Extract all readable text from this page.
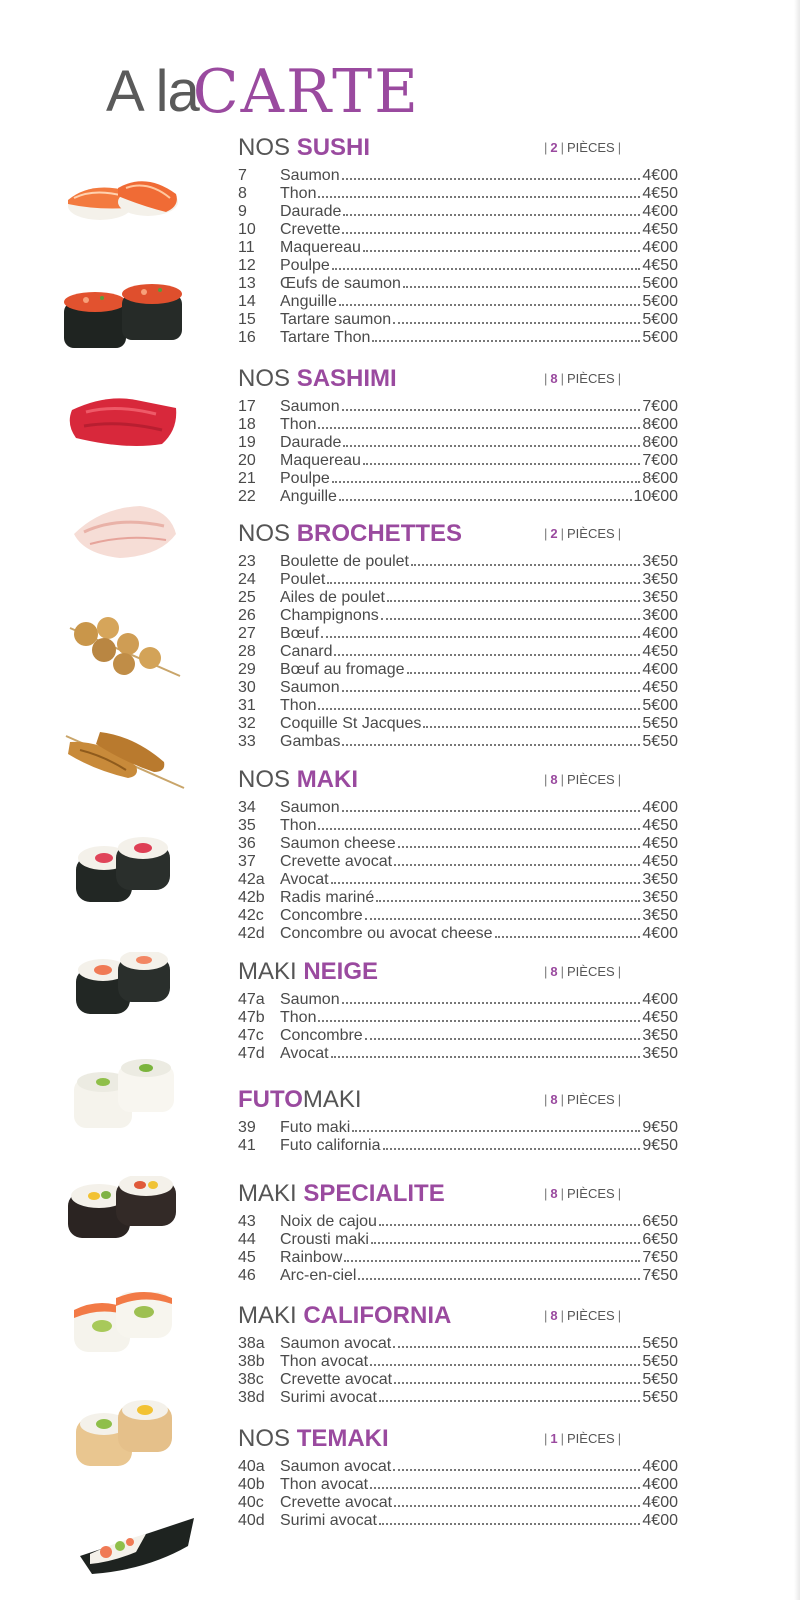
A laCARTE
NOS SUSHI	| 2 | PIÈCES |
7	Saumon	4€00
8	Thon	4€50
9	Daurade	4€00
10	Crevette	4€50
11	Maquereau	4€00
12	Poulpe	4€50
13	Œufs de saumon	5€00
14	Anguille	5€00
15	Tartare saumon	5€00
16	Tartare Thon	5€00
NOS SASHIMI	| 8 | PIÈCES |
17	Saumon	7€00
18	Thon	8€00
19	Daurade	8€00
20	Maquereau	7€00
21	Poulpe	8€00
22	Anguille	10€00
NOS BROCHETTES	| 2 | PIÈCES |
23	Boulette de poulet	3€50
24	Poulet	3€50
25	Ailes de poulet	3€50
26	Champignons	3€00
27	Bœuf	4€00
28	Canard	4€50
29	Bœuf au fromage	4€00
30	Saumon	4€50
31	Thon	5€00
32	Coquille St Jacques	5€50
33	Gambas	5€50
NOS MAKI	| 8 | PIÈCES |
34	Saumon	4€00
35	Thon	4€50
36	Saumon cheese	4€50
37	Crevette avocat	4€50
42a Avocat	3€50
42b Radis mariné	3€50
42c	Concombre	3€50
42d Concombre ou avocat cheese	4€00
MAKI NEIGE	| 8 | PIÈCES |
47a Saumon	4€00
47b Thon	4€50
47c	Concombre	3€50
47d Avocat	3€50
FUTOMAKI	| 8 | PIÈCES |
39	Futo maki	9€50
41	Futo california	9€50
MAKI SPECIALITE	| 8 | PIÈCES |
43	Noix de cajou	6€50
44	Crousti maki	6€50
45	Rainbow	7€50
46	Arc-en-ciel	7€50
MAKI CALIFORNIA	| 8 | PIÈCES |
38a Saumon avocat	5€50
38b Thon avocat	5€50
38c	Crevette avocat	5€50
38d Surimi avocat	5€50
NOS TEMAKI	| 1 | PIÈCES |
40a Saumon avocat	4€00
40b Thon avocat	4€00
40c	Crevette avocat	4€00
40d Surimi avocat	4€00
